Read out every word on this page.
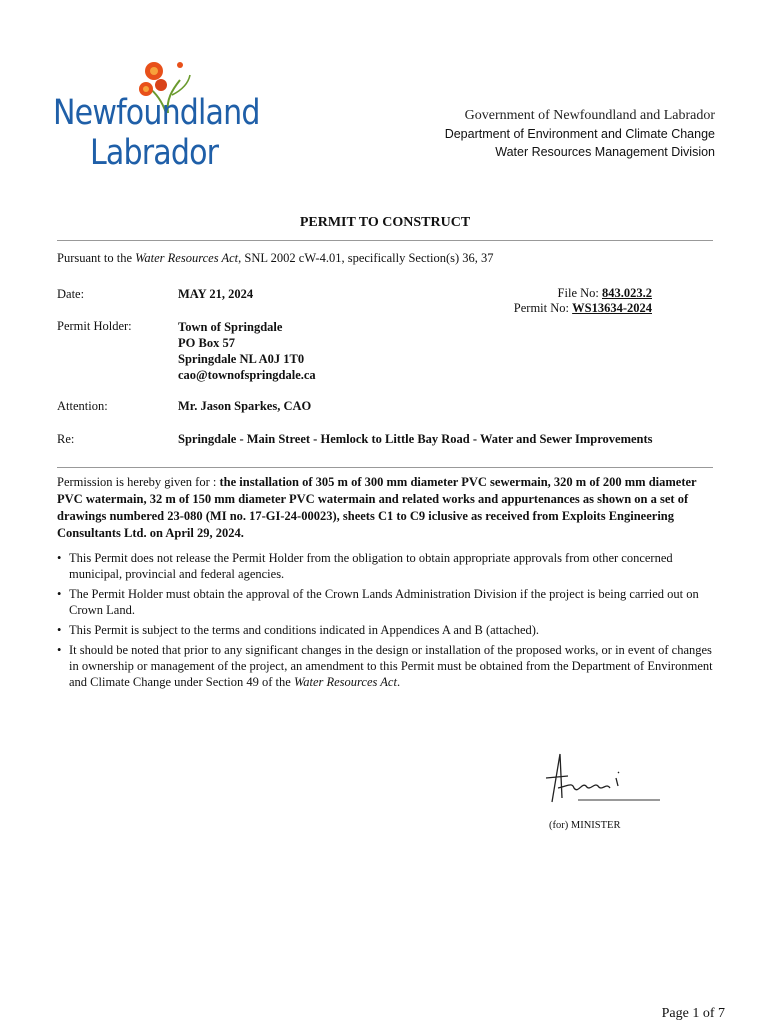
Newfoundland
Labrador
Government of Newfoundland and Labrador
Department of Environment and Climate Change
Water Resources Management Division
PERMIT TO CONSTRUCT
Pursuant to the Water Resources Act, SNL 2002 cW-4.01, specifically Section(s) 36, 37
Date:	MAY 21, 2024	File No: 843.023.2
Permit No: WS13634-2024
Permit Holder:	Town of Springdale
PO Box 57
Springdale NL A0J 1T0
cao@townofspringdale.ca
Attention:	Mr. Jason Sparkes, CAO
Re:	Springdale - Main Street - Hemlock to Little Bay Road - Water and Sewer Improvements
Permission is hereby given for : the installation of 305 m of 300 mm diameter PVC sewermain, 320 m of 200 mm diameter PVC watermain, 32 m of 150 mm diameter PVC watermain and related works and appurtenances as shown on a set of drawings numbered 23-080 (MI no. 17-GI-24-00023), sheets C1 to C9 iclusive as received from Exploits Engineering Consultants Ltd. on April 29, 2024.
• This Permit does not release the Permit Holder from the obligation to obtain appropriate approvals from other concerned municipal, provincial and federal agencies.
• The Permit Holder must obtain the approval of the Crown Lands Administration Division if the project is being carried out on Crown Land.
• This Permit is subject to the terms and conditions indicated in Appendices A and B (attached).
• It should be noted that prior to any significant changes in the design or installation of the proposed works, or in event of changes in ownership or management of the project, an amendment to this Permit must be obtained from the Department of Environment and Climate Change under Section 49 of the Water Resources Act.
(for) MINISTER
Page 1 of 7
